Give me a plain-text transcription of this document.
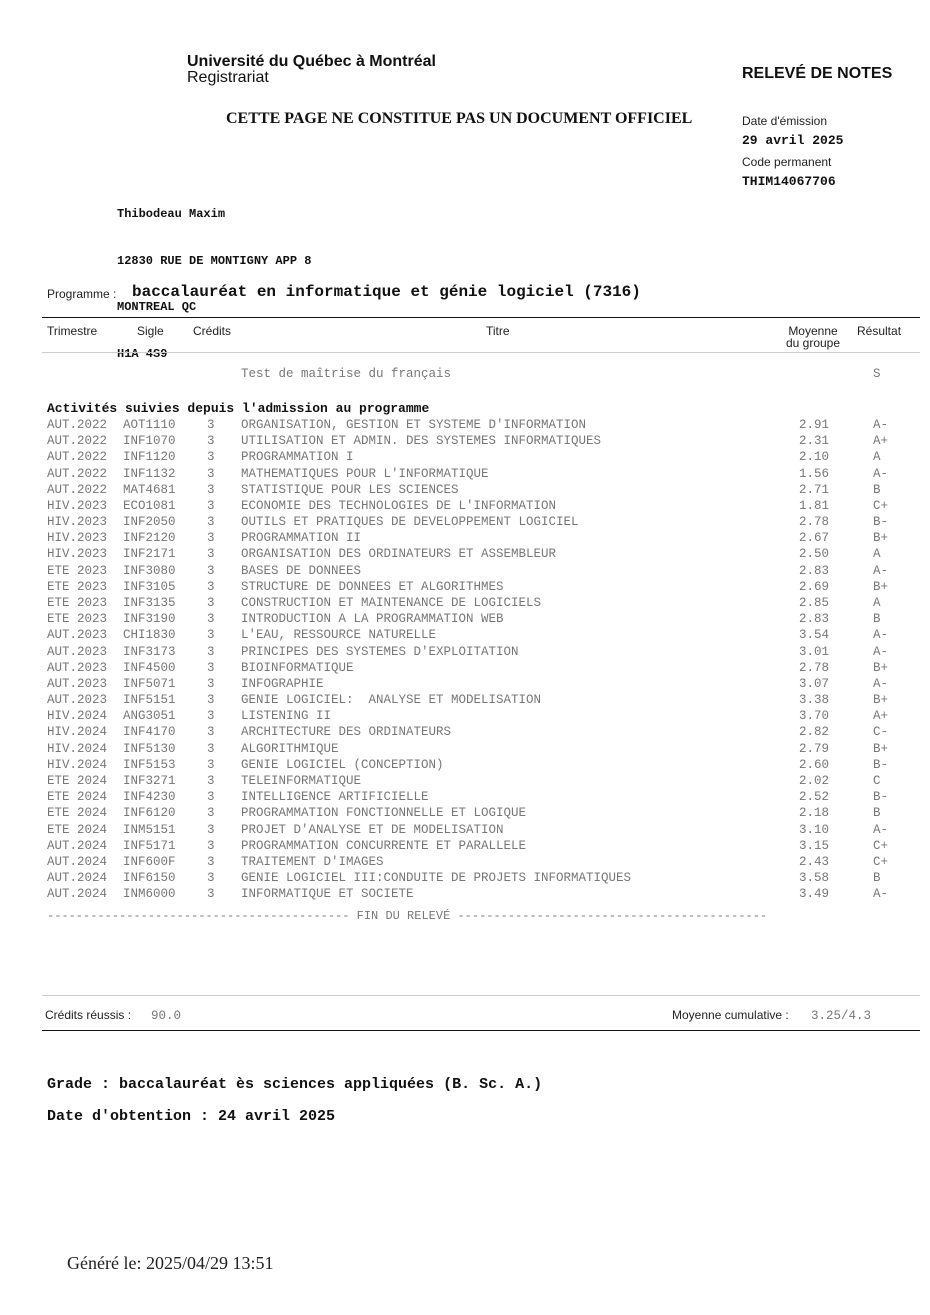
Université du Québec à Montréal
Registrariat	RELEVÉ DE NOTES
CETTE PAGE NE CONSTITUE PAS UN DOCUMENT OFFICIEL	Date d'émission
29 avril 2025
Code permanent
THIM14067706

Thibodeau Maxim

12830 RUE DE MONTIGNY APP 8

MONTREAL QC

H1A 4S9

Programme : baccalauréat en informatique et génie logiciel (7316)
Trimestre	Sigle Crédits	Titre	Moyenne
du groupe
Résultat
Test de maîtrise du français	S
Activités suivies depuis l'admission au programme
AUT.2022 AOT1110	3 ORGANISATION, GESTION ET SYSTEME D'INFORMATION	2.91	A-
AUT.2022 INF1070	3 UTILISATION ET ADMIN. DES SYSTEMES INFORMATIQUES	2.31	A+
AUT.2022 INF1120	3 PROGRAMMATION I	2.10	A
AUT.2022 INF1132	3 MATHEMATIQUES POUR L'INFORMATIQUE	1.56	A-
AUT.2022 MAT4681	3 STATISTIQUE POUR LES SCIENCES	2.71	B
HIV.2023 ECO1081	3 ECONOMIE DES TECHNOLOGIES DE L'INFORMATION	1.81	C+
HIV.2023 INF2050	3 OUTILS ET PRATIQUES DE DEVELOPPEMENT LOGICIEL	2.78	B-
HIV.2023 INF2120	3 PROGRAMMATION II	2.67	B+
HIV.2023 INF2171	3 ORGANISATION DES ORDINATEURS ET ASSEMBLEUR	2.50	A
ETE 2023 INF3080	3 BASES DE DONNEES	2.83	A-
ETE 2023 INF3105	3 STRUCTURE DE DONNEES ET ALGORITHMES	2.69	B+
ETE 2023 INF3135	3 CONSTRUCTION ET MAINTENANCE DE LOGICIELS	2.85	A
ETE 2023 INF3190	3 INTRODUCTION A LA PROGRAMMATION WEB	2.83	B
AUT.2023 CHI1830	3 L'EAU, RESSOURCE NATURELLE	3.54	A-
AUT.2023 INF3173	3 PRINCIPES DES SYSTEMES D'EXPLOITATION	3.01	A-
AUT.2023 INF4500	3 BIOINFORMATIQUE	2.78	B+
AUT.2023 INF5071	3 INFOGRAPHIE	3.07	A-
AUT.2023 INF5151	3 GENIE LOGICIEL:  ANALYSE ET MODELISATION	3.38	B+
HIV.2024 ANG3051	3 LISTENING II	3.70	A+
HIV.2024 INF4170	3 ARCHITECTURE DES ORDINATEURS	2.82	C-
HIV.2024 INF5130	3 ALGORITHMIQUE	2.79	B+
HIV.2024 INF5153	3 GENIE LOGICIEL (CONCEPTION)	2.60	B-
ETE 2024 INF3271	3 TELEINFORMATIQUE	2.02	C
ETE 2024 INF4230	3 INTELLIGENCE ARTIFICIELLE	2.52	B-
ETE 2024 INF6120	3 PROGRAMMATION FONCTIONNELLE ET LOGIQUE	2.18	B
ETE 2024 INM5151	3 PROJET D'ANALYSE ET DE MODELISATION	3.10	A-
AUT.2024 INF5171	3 PROGRAMMATION CONCURRENTE ET PARALLELE	3.15	C+
AUT.2024 INF600F	3 TRAITEMENT D'IMAGES	2.43	C+
AUT.2024 INF6150	3 GENIE LOGICIEL III:CONDUITE DE PROJETS INFORMATIQUES	3.58	B
AUT.2024 INM6000	3 INFORMATIQUE ET SOCIETE	3.49	A-
------------------------------------------ FIN DU RELEVÉ -------------------------------------------
Crédits réussis : 90.0	Moyenne cumulative : 3.25/4.3
Grade : baccalauréat ès sciences appliquées (B. Sc. A.)
Date d'obtention : 24 avril 2025
Généré le: 2025/04/29 13:51
